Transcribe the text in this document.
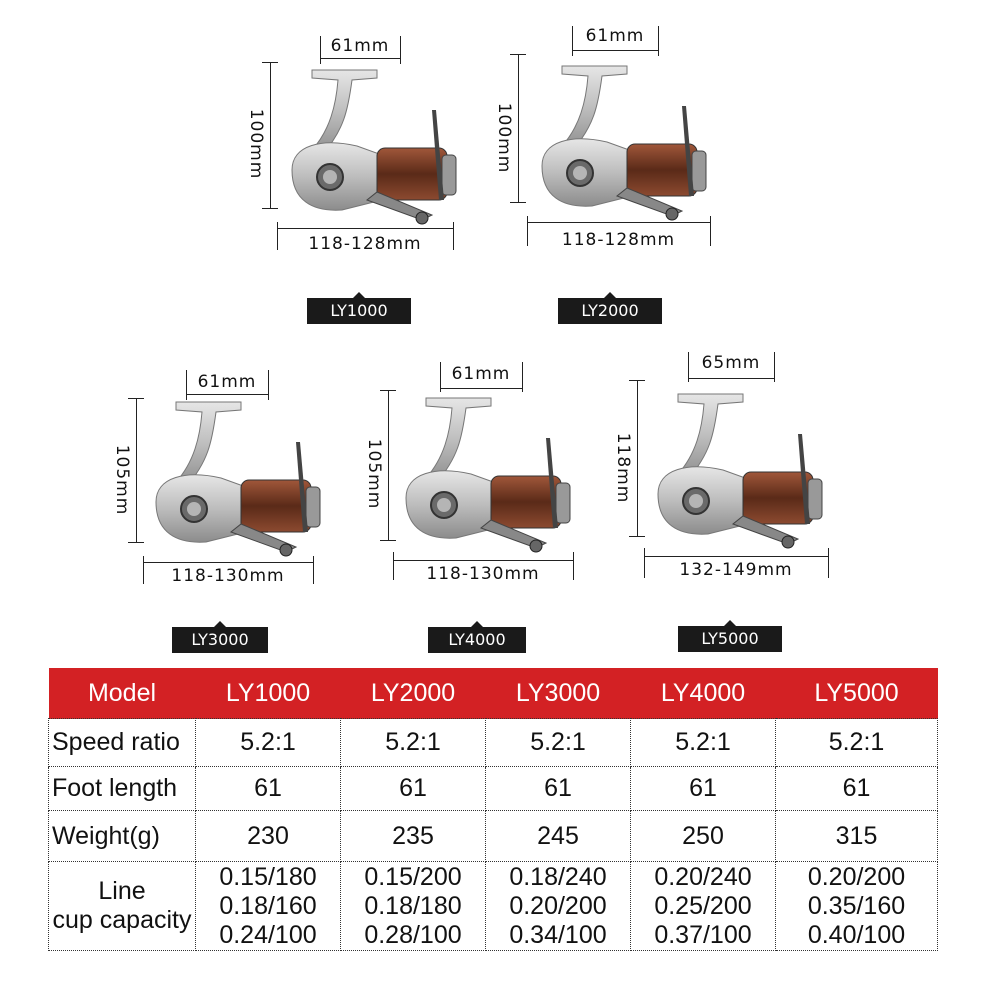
61mm
100mm
118-128mm
LY1000
61mm
100mm
118-128mm
LY2000
61mm
105mm
118-130mm
LY3000
61mm
105mm
118-130mm
LY4000
65mm
118mm
132-149mm
LY5000
Model	LY1000	LY2000	LY3000	LY4000	LY5000
Speed ratio	5.2:1	5.2:1	5.2:1	5.2:1	5.2:1
Foot length	61	61	61	61	61
Weight(g)	230	235	245	250	315

Line
cup capacity	0.15/180
0.18/160
0.24/100	0.15/200
0.18/180
0.28/100	0.18/240
0.20/200
0.34/100	0.20/240
0.25/200
0.37/100	0.20/200
0.35/160
0.40/100
